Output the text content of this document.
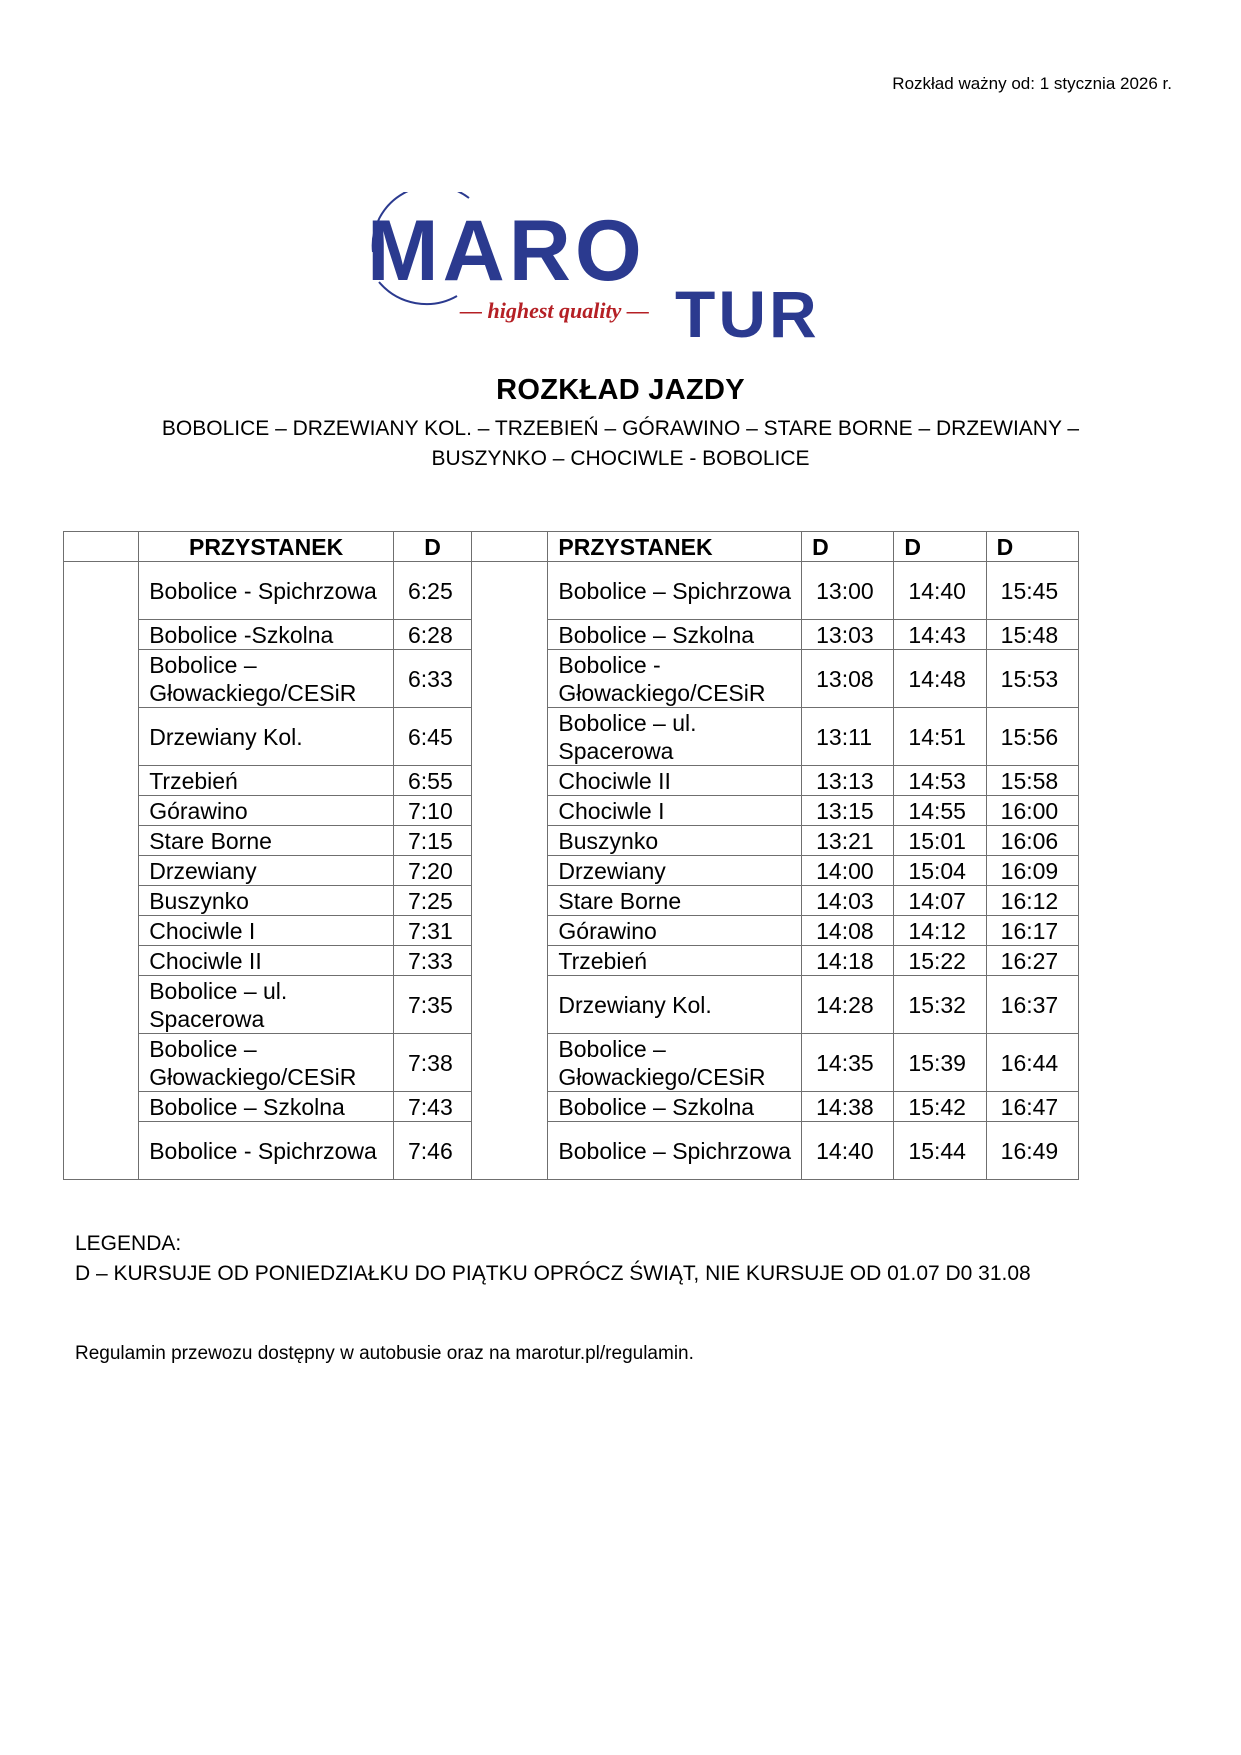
Rozkład ważny od: 1 stycznia 2026 r.
MARO
— highest quality — TUR
ROZKŁAD JAZDY
BOBOLICE – DRZEWIANY KOL. – TRZEBIEŃ – GÓRAWINO – STARE BORNE – DRZEWIANY –
BUSZYNKO – CHOCIWLE - BOBOLICE
	PRZYSTANEK	D		PRZYSTANEK	D	D	D
	Bobolice - Spichrzowa	6:25		Bobolice – Spichrzowa	13:00	14:40	15:45
	Bobolice -Szkolna	6:28		Bobolice – Szkolna	13:03	14:43	15:48
	Bobolice – Głowackiego/CESiR	6:33		Bobolice - Głowackiego/CESiR	13:08	14:48	15:53
	Drzewiany Kol.	6:45		Bobolice – ul. Spacerowa	13:11	14:51	15:56
	Trzebień	6:55		Chociwle II	13:13	14:53	15:58
	Górawino	7:10		Chociwle I	13:15	14:55	16:00
	Stare Borne	7:15		Buszynko	13:21	15:01	16:06
	Drzewiany	7:20		Drzewiany	14:00	15:04	16:09
	Buszynko	7:25		Stare Borne	14:03	14:07	16:12
	Chociwle I	7:31		Górawino	14:08	14:12	16:17
	Chociwle II	7:33		Trzebień	14:18	15:22	16:27
	Bobolice – ul. Spacerowa	7:35		Drzewiany Kol.	14:28	15:32	16:37
	Bobolice – Głowackiego/CESiR	7:38		Bobolice – Głowackiego/CESiR	14:35	15:39	16:44
	Bobolice – Szkolna	7:43		Bobolice – Szkolna	14:38	15:42	16:47
	Bobolice - Spichrzowa	7:46		Bobolice – Spichrzowa	14:40	15:44	16:49
LEGENDA:
D – KURSUJE OD PONIEDZIAŁKU DO PIĄTKU OPRÓCZ ŚWIĄT, NIE KURSUJE OD 01.07 D0 31.08
Regulamin przewozu dostępny w autobusie oraz na marotur.pl/regulamin.
